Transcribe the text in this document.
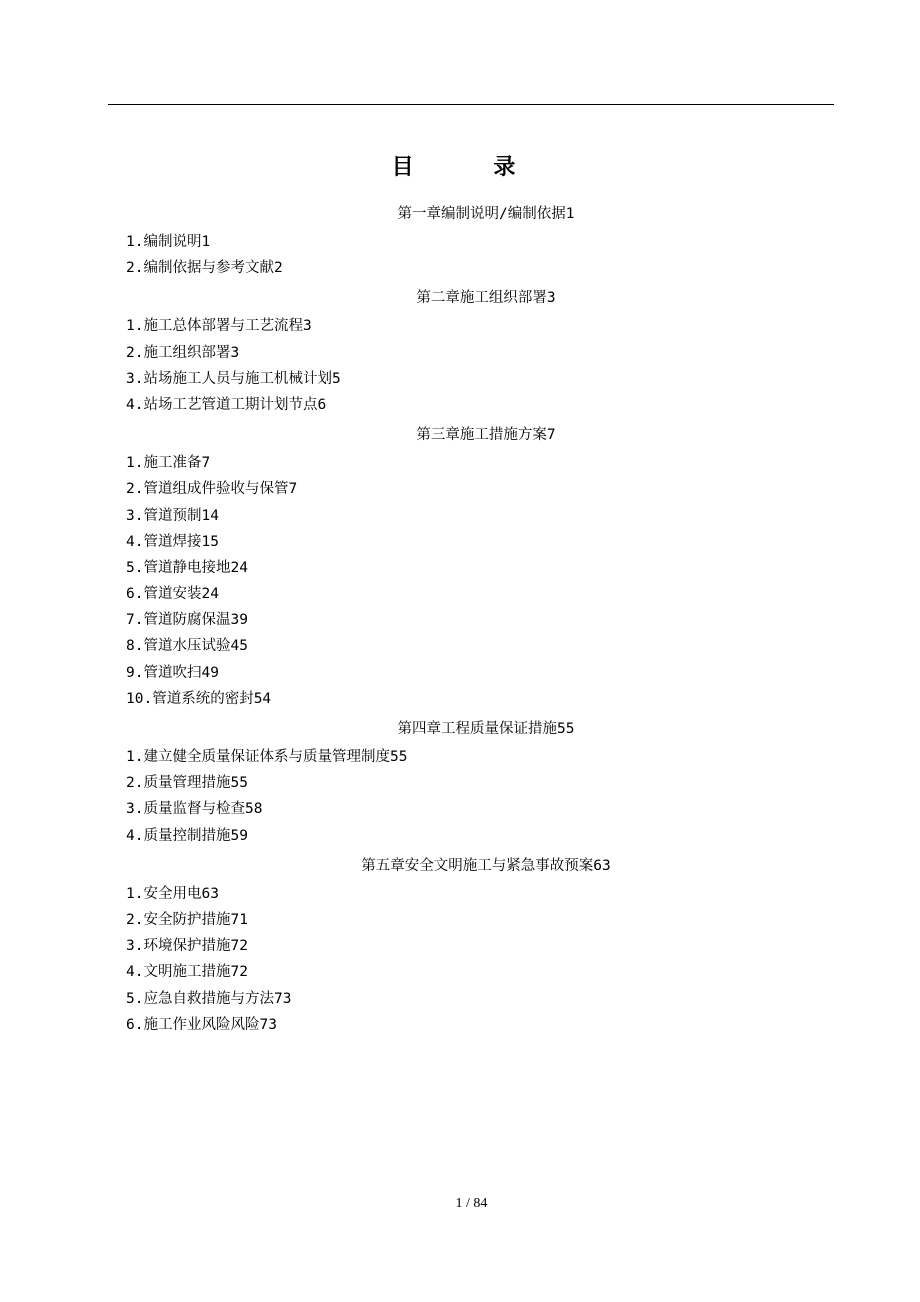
目 录
第一章编制说明/编制依据1
1.编制说明1
2.编制依据与参考文献2
第二章施工组织部署3
1.施工总体部署与工艺流程3
2.施工组织部署3
3.站场施工人员与施工机械计划5
4.站场工艺管道工期计划节点6
第三章施工措施方案7
1.施工准备7
2.管道组成件验收与保管7
3.管道预制14
4.管道焊接15
5.管道静电接地24
6.管道安装24
7.管道防腐保温39
8.管道水压试验45
9.管道吹扫49
10.管道系统的密封54
第四章工程质量保证措施55
1.建立健全质量保证体系与质量管理制度55
2.质量管理措施55
3.质量监督与检查58
4.质量控制措施59
第五章安全文明施工与紧急事故预案63
1.安全用电63
2.安全防护措施71
3.环境保护措施72
4.文明施工措施72
5.应急自救措施与方法73
6.施工作业风险风险73
1 / 84
